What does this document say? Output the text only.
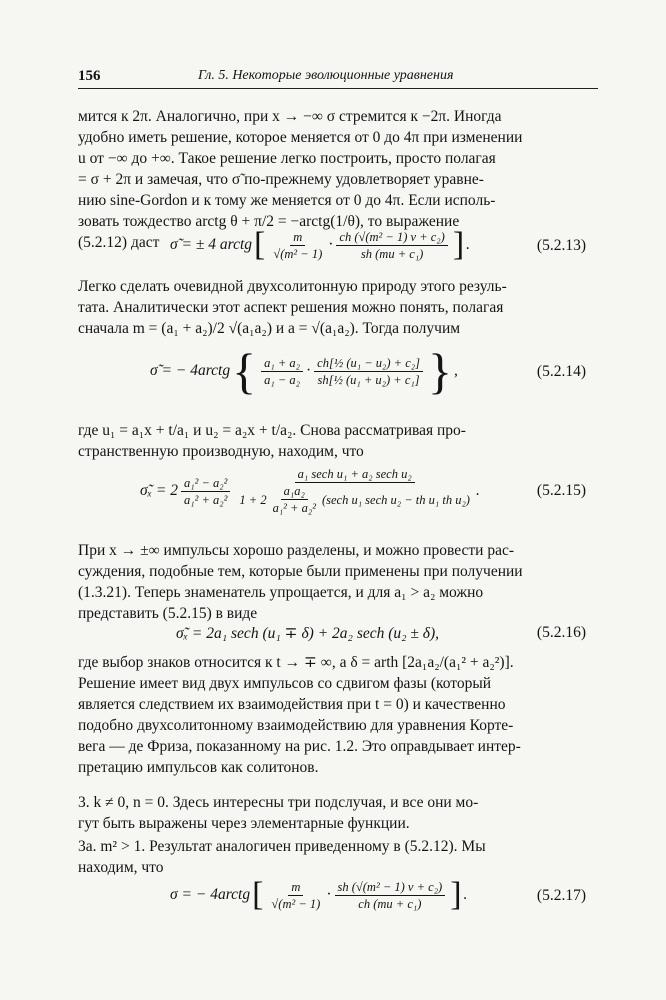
156	Гл. 5. Некоторые эволюционные уравнения
мится к 2π. Аналогично, при x → −∞ σ стремится к −2π. Иногда
удобно иметь решение, которое меняется от 0 до 4π при изменении
u от −∞ до +∞. Такое решение легко построить, просто полагая
= σ + 2π и замечая, что σ̃ по-прежнему удовлетворяет уравне-
нию sine-Gordon и к тому же меняется от 0 до 4π. Если исполь-
зовать тождество arctg θ + π/2 = −arctg(1/θ), то выражение
(5.2.12) даст σ̃ = ± 4 arctg [ $\frac{m}{\text{√(m² − 1)}} \cdot \frac{\text{ch (√(m² − 1) v + c₂)}}{\text{sh (mu + c₁)}}$ ] .	(5.2.13)
Легко сделать очевидной двухсолитонную природу этого резуль-
тата. Аналитически этот аспект решения можно понять, полагая
сначала m = (a₁ + a₂)/2 √(a₁a₂) и a = √(a₁a₂). Тогда получим
σ̃ = − 4arctg { $\frac{\text{a₁ + a₂}}{\text{a₁ − a₂}} \cdot \frac{\text{ch[½ (u₁ − u₂) + c₂]}}{\text{sh[½ (u₁ + u₂) + c₁]}}$ } ,	(5.2.14)
где u₁ = a₁x + t/a₁ и u₂ = a₂x + t/a₂. Снова рассматривая про-
странственную производную, находим, что
σ̃ₓ = $2 \frac{\text{a₁² − a₂²}}{\text{a₁² + a₂²}}$
a₁ sech u₁ + a₂ sech u₂
$1 + 2 \frac{\text{a₁a₂}}{\text{a₁² + a₂²}} (\sec h$ u₁ sech u₂ − th u₁ th u₂)
.	(5.2.15)
При x → ±∞ импульсы хорошо разделены, и можно провести рас-
суждения, подобные тем, которые были применены при получении
(1.3.21). Теперь знаменатель упрощается, и для a₁ > a₂ можно
представить (5.2.15) в виде
σ̃ₓ = 2a₁ sech (u₁ ∓ δ) + 2a₂ sech (u₂ ± δ),	(5.2.16)
где выбор знаков относится к t → ∓ ∞, а δ = arth [2a₁a₂/(a₁² + a₂²)].
Решение имеет вид двух импульсов со сдвигом фазы (который
является следствием их взаимодействия при t = 0) и качественно
подобно двухсолитонному взаимодействию для уравнения Корте-
вега — де Фриза, показанному на рис. 1.2. Это оправдывает интер-
претацию импульсов как солитонов.
3. k ≠ 0, n = 0. Здесь интересны три подслучая, и все они мо-
гут быть выражены через элементарные функции.
3a. m² > 1. Результат аналогичен приведенному в (5.2.12). Мы
находим, что
σ = − 4arctg [ $\frac{m}{\text{√(m² − 1)}} \cdot \frac{\text{sh (√(m² − 1) v + c₂)}}{\text{ch (mu + c₁)}}$ ] .	(5.2.17)
